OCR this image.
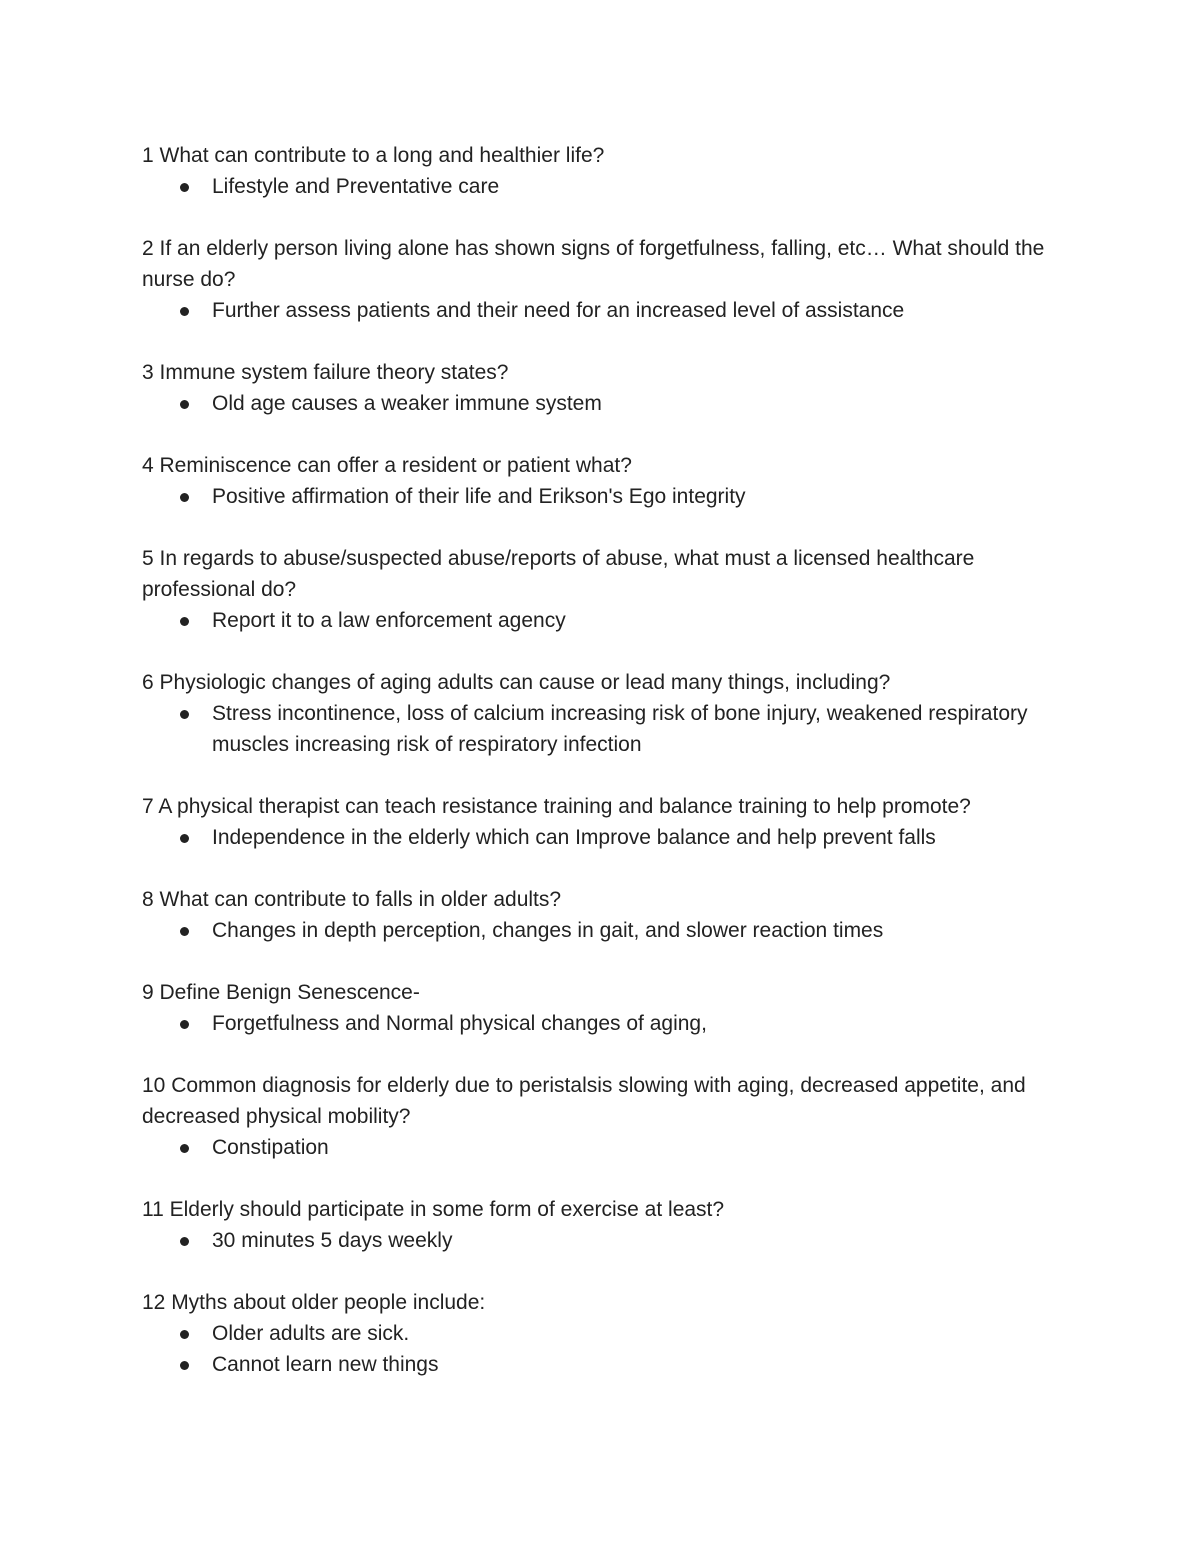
1 What can contribute to a long and healthier life?

Lifestyle and Preventative care

2 If an elderly person living alone has shown signs of forgetfulness, falling, etc… What should the nurse do?

Further assess patients and their need for an increased level of assistance

3 Immune system failure theory states?

Old age causes a weaker immune system

4 Reminiscence can offer a resident or patient what?

Positive affirmation of their life and Erikson's Ego integrity

5 In regards to abuse/suspected abuse/reports of abuse, what must a licensed healthcare professional do?

Report it to a law enforcement agency

6 Physiologic changes of aging adults can cause or lead many things, including?

Stress incontinence, loss of calcium increasing risk of bone injury, weakened respiratory muscles increasing risk of respiratory infection

7 A physical therapist can teach resistance training and balance training to help promote?

Independence in the elderly which can Improve balance and help prevent falls

8 What can contribute to falls in older adults?

Changes in depth perception, changes in gait, and slower reaction times

9 Define Benign Senescence-

Forgetfulness and Normal physical changes of aging,

10 Common diagnosis for elderly due to peristalsis slowing with aging, decreased appetite, and decreased physical mobility?

Constipation

11 Elderly should participate in some form of exercise at least?

30 minutes 5 days weekly

12 Myths about older people include:

Older adults are sick.
Cannot learn new things
